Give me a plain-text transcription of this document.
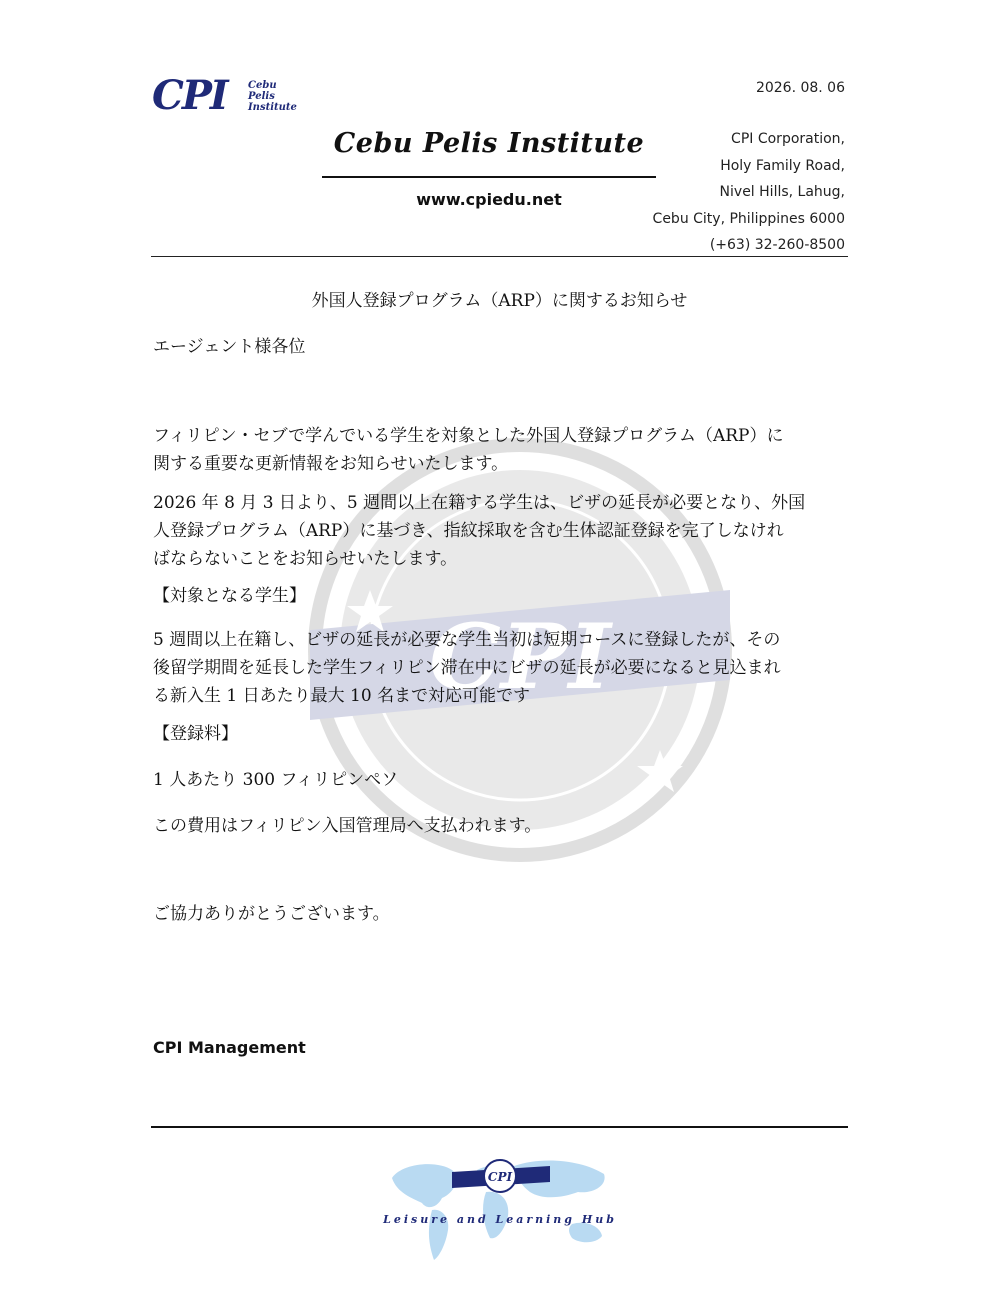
CPI Cebu
Pelis
Institute
2026. 08. 06
Cebu Pelis Institute
www.cpiedu.net
CPI Corporation,
Holy Family Road,
Nivel Hills, Lahug,
Cebu City, Philippines 6000
(+63) 32-260-8500
CPI
外国人登録プログラム（ARP）に関するお知らせ
エージェント様各位
フィリピン・セブで学んでいる学生を対象とした外国人登録プログラム（ARP）に
関する重要な更新情報をお知らせいたします。
2026 年 8 月 3 日より、5 週間以上在籍する学生は、ビザの延長が必要となり、外国
人登録プログラム（ARP）に基づき、指紋採取を含む生体認証登録を完了しなけれ
ばならないことをお知らせいたします。
【対象となる学生】
5 週間以上在籍し、ビザの延長が必要な学生当初は短期コースに登録したが、その
後留学期間を延長した学生フィリピン滞在中にビザの延長が必要になると見込まれ
る新入生 1 日あたり最大 10 名まで対応可能です
【登録料】
1 人あたり 300 フィリピンペソ
この費用はフィリピン入国管理局へ支払われます。
ご協力ありがとうございます。
CPI Management
CPI
Leisure and Learning Hub
